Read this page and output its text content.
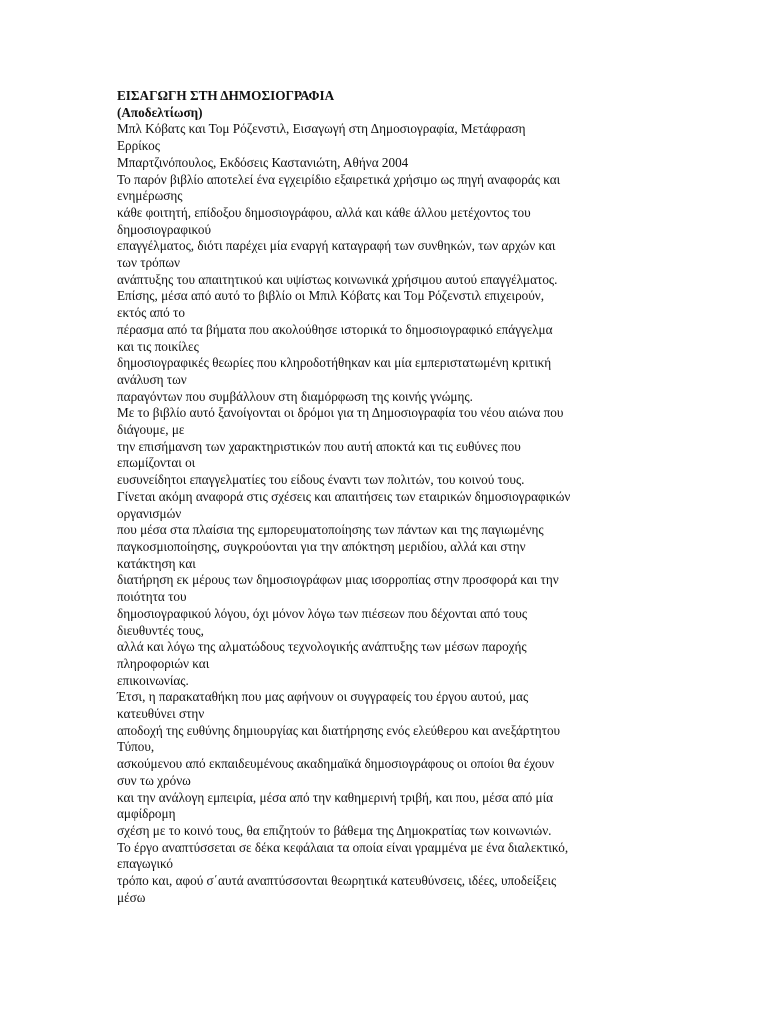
ΕΙΣΑΓΩΓΗ ΣΤΗ ΔΗΜΟΣΙΟΓΡΑΦΙΑ
(Αποδελτίωση)
Μπλ Κόβατς και Τομ Ρόζενστιλ, Εισαγωγή στη Δημοσιογραφία, Μετάφραση
Ερρίκος
Μπαρτζινόπουλος, Εκδόσεις Καστανιώτη, Αθήνα 2004
Το παρόν βιβλίο αποτελεί ένα εγχειρίδιο εξαιρετικά χρήσιμο ως πηγή αναφοράς και
ενημέρωσης
κάθε φοιτητή, επίδοξου δημοσιογράφου, αλλά και κάθε άλλου μετέχοντος του
δημοσιογραφικού
επαγγέλματος, διότι παρέχει μία εναργή καταγραφή των συνθηκών, των αρχών και
των τρόπων
ανάπτυξης του απαιτητικού και υψίστως κοινωνικά χρήσιμου αυτού επαγγέλματος.
Επίσης, μέσα από αυτό το βιβλίο οι Μπιλ Κόβατς και Τομ Ρόζενστιλ επιχειρούν,
εκτός από το
πέρασμα από τα βήματα που ακολούθησε ιστορικά το δημοσιογραφικό επάγγελμα
και τις ποικίλες
δημοσιογραφικές θεωρίες που κληροδοτήθηκαν και μία εμπεριστατωμένη κριτική
ανάλυση των
παραγόντων που συμβάλλουν στη διαμόρφωση της κοινής γνώμης.
Με το βιβλίο αυτό ξανοίγονται οι δρόμοι για τη Δημοσιογραφία του νέου αιώνα που
διάγουμε, με
την επισήμανση των χαρακτηριστικών που αυτή αποκτά και τις ευθύνες που
επωμίζονται οι
ευσυνείδητοι επαγγελματίες του είδους έναντι των πολιτών, του κοινού τους.
Γίνεται ακόμη αναφορά στις σχέσεις και απαιτήσεις των εταιρικών δημοσιογραφικών
οργανισμών
που μέσα στα πλαίσια της εμπορευματοποίησης των πάντων και της παγιωμένης
παγκοσμιοποίησης, συγκρούονται για την απόκτηση μεριδίου, αλλά και στην
κατάκτηση και
διατήρηση εκ μέρους των δημοσιογράφων μιας ισορροπίας στην προσφορά και την
ποιότητα του
δημοσιογραφικού λόγου, όχι μόνον λόγω των πιέσεων που δέχονται από τους
διευθυντές τους,
αλλά και λόγω της αλματώδους τεχνολογικής ανάπτυξης των μέσων παροχής
πληροφοριών και
επικοινωνίας.
Έτσι, η παρακαταθήκη που μας αφήνουν οι συγγραφείς του έργου αυτού, μας
κατευθύνει στην
αποδοχή της ευθύνης δημιουργίας και διατήρησης ενός ελεύθερου και ανεξάρτητου
Τύπου,
ασκούμενου από εκπαιδευμένους ακαδημαϊκά δημοσιογράφους οι οποίοι θα έχουν
συν τω χρόνω
και την ανάλογη εμπειρία, μέσα από την καθημερινή τριβή, και που, μέσα από μία
αμφίδρομη
σχέση με το κοινό τους, θα επιζητούν το βάθεμα της Δημοκρατίας των κοινωνιών.
Το έργο αναπτύσσεται σε δέκα κεφάλαια τα οποία είναι γραμμένα με ένα διαλεκτικό,
επαγωγικό
τρόπο και, αφού σ΄αυτά αναπτύσσονται θεωρητικά κατευθύνσεις, ιδέες, υποδείξεις
μέσω
